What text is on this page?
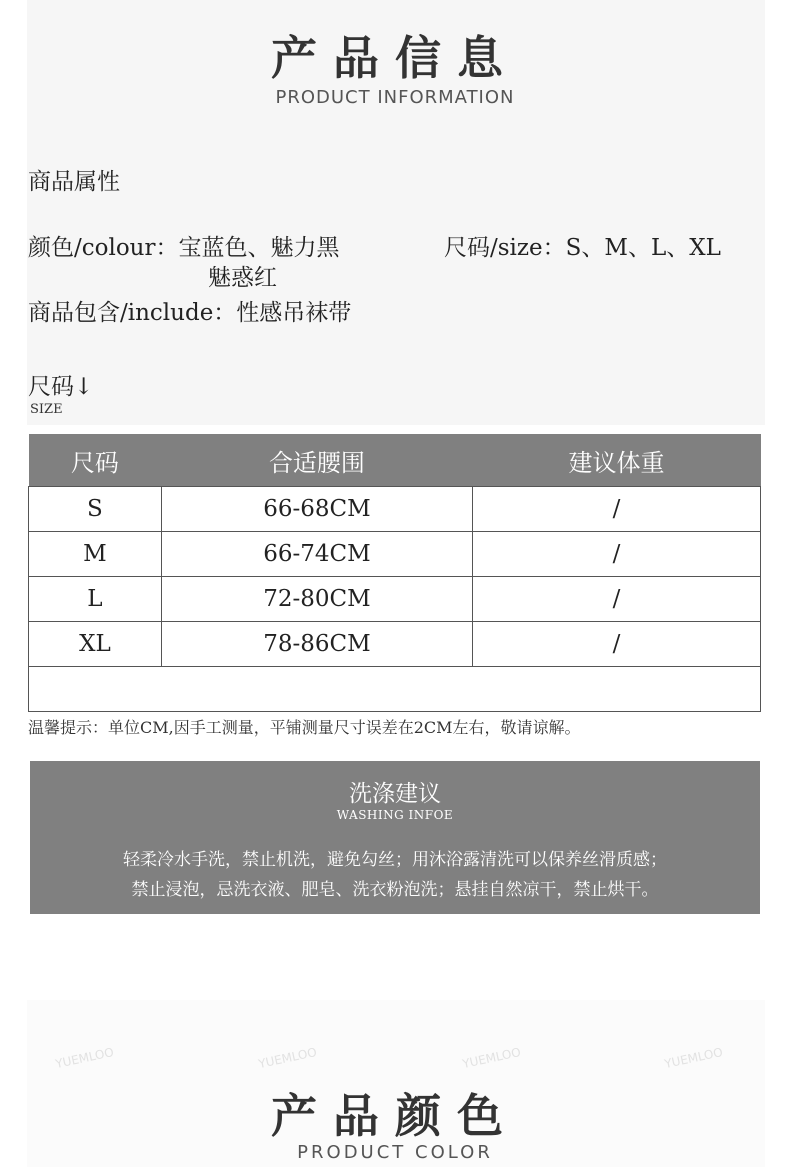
产品信息
PRODUCT INFORMATION
商品属性
颜色/colour：宝蓝色、魅力黑
魅惑红
尺码/size：S、M、L、XL
商品包含/include：性感吊袜带
尺码↓
SIZE
尺码	合适腰围	建议体重
S	66-68CM	/
M	66-74CM	/
L	72-80CM	/
XL	78-86CM	/

温馨提示：单位CM,因手工测量，平铺测量尺寸误差在2CM左右，敬请谅解。
洗涤建议
WASHING INFOE
轻柔冷水手洗，禁止机洗，避免勾丝；用沐浴露清洗可以保养丝滑质感；
禁止浸泡，忌洗衣液、肥皂、洗衣粉泡洗；悬挂自然凉干，禁止烘干。
YUEMLOO	YUEMLOO	YUEMLOO	YUEMLOO
产品颜色
PRODUCT COLOR
